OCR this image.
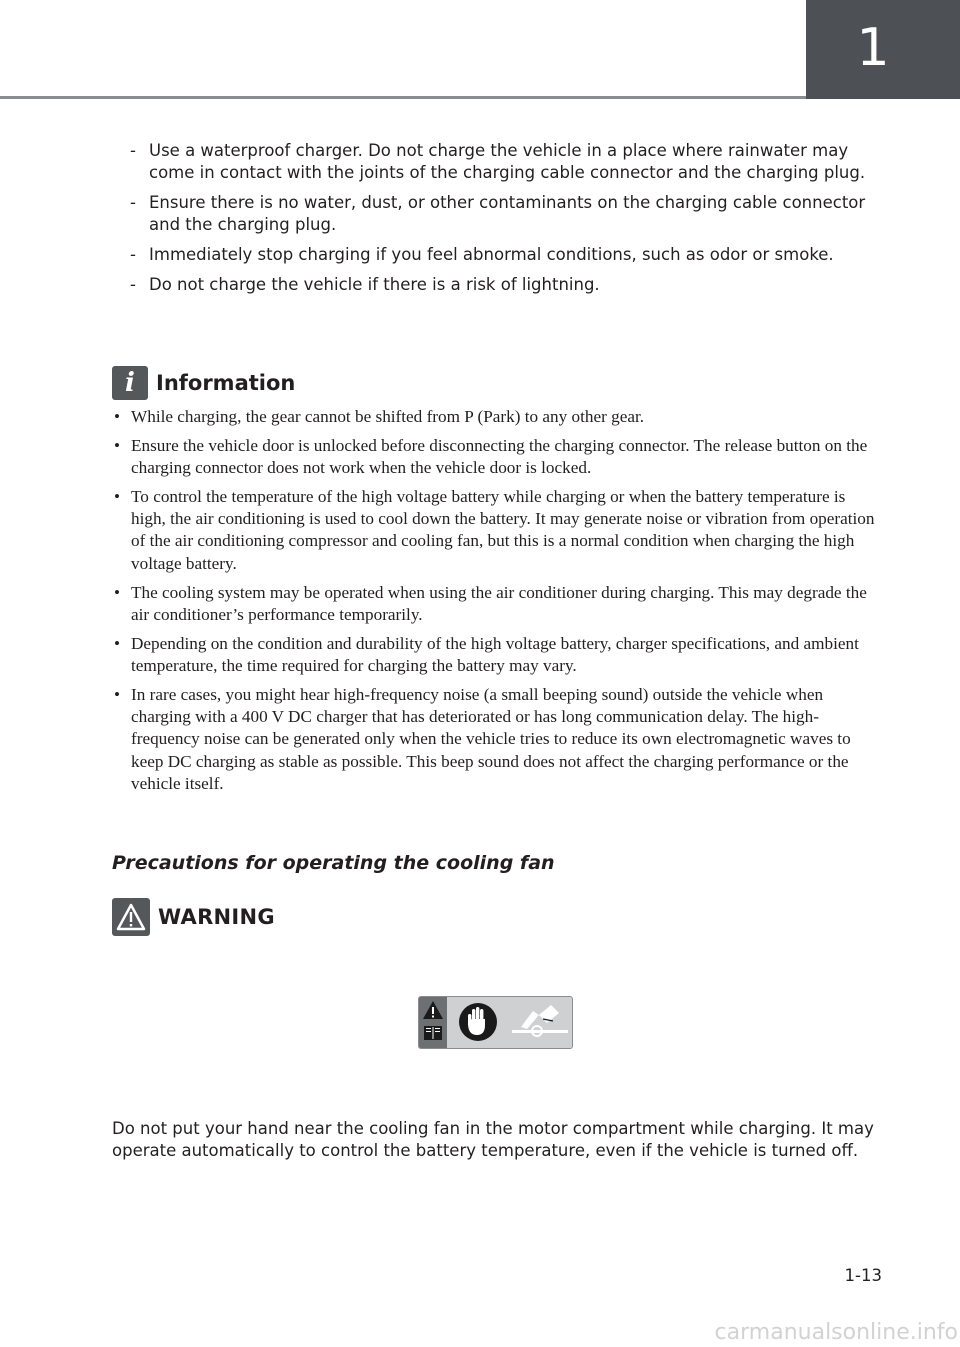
1
- Use a waterproof charger. Do not charge the vehicle in a place where rainwater may come in contact with the joints of the charging cable connector and the charging plug.
- Ensure there is no water, dust, or other contaminants on the charging cable connector and the charging plug.
- Immediately stop charging if you feel abnormal conditions, such as odor or smoke.
- Do not charge the vehicle if there is a risk of lightning.
i	Information
• While charging, the gear cannot be shifted from P (Park) to any other gear.
• Ensure the vehicle door is unlocked before disconnecting the charging connector. The release button on the charging connector does not work when the vehicle door is locked.
• To control the temperature of the high voltage battery while charging or when the battery temperature is high, the air conditioning is used to cool down the battery. It may generate noise or vibration from operation of the air conditioning compressor and cooling fan, but this is a normal condition when charging the high voltage battery.
• The cooling system may be operated when using the air conditioner during charging. This may degrade the air conditioner’s performance temporarily.
• Depending on the condition and durability of the high voltage battery, charger specifications, and ambient temperature, the time required for charging the battery may vary.
• In rare cases, you might hear high-frequency noise (a small beeping sound) outside the vehicle when charging with a 400 V DC charger that has deteriorated or has long communication delay. The high-frequency noise can be generated only when the vehicle tries to reduce its own electromagnetic waves to keep DC charging as stable as possible. This beep sound does not affect the charging performance or the vehicle itself.
Precautions for operating the cooling fan
WARNING
Do not put your hand near the cooling fan in the motor compartment while charging. It may operate automatically to control the battery temperature, even if the vehicle is turned off.
1-13
carmanualsonline.info
